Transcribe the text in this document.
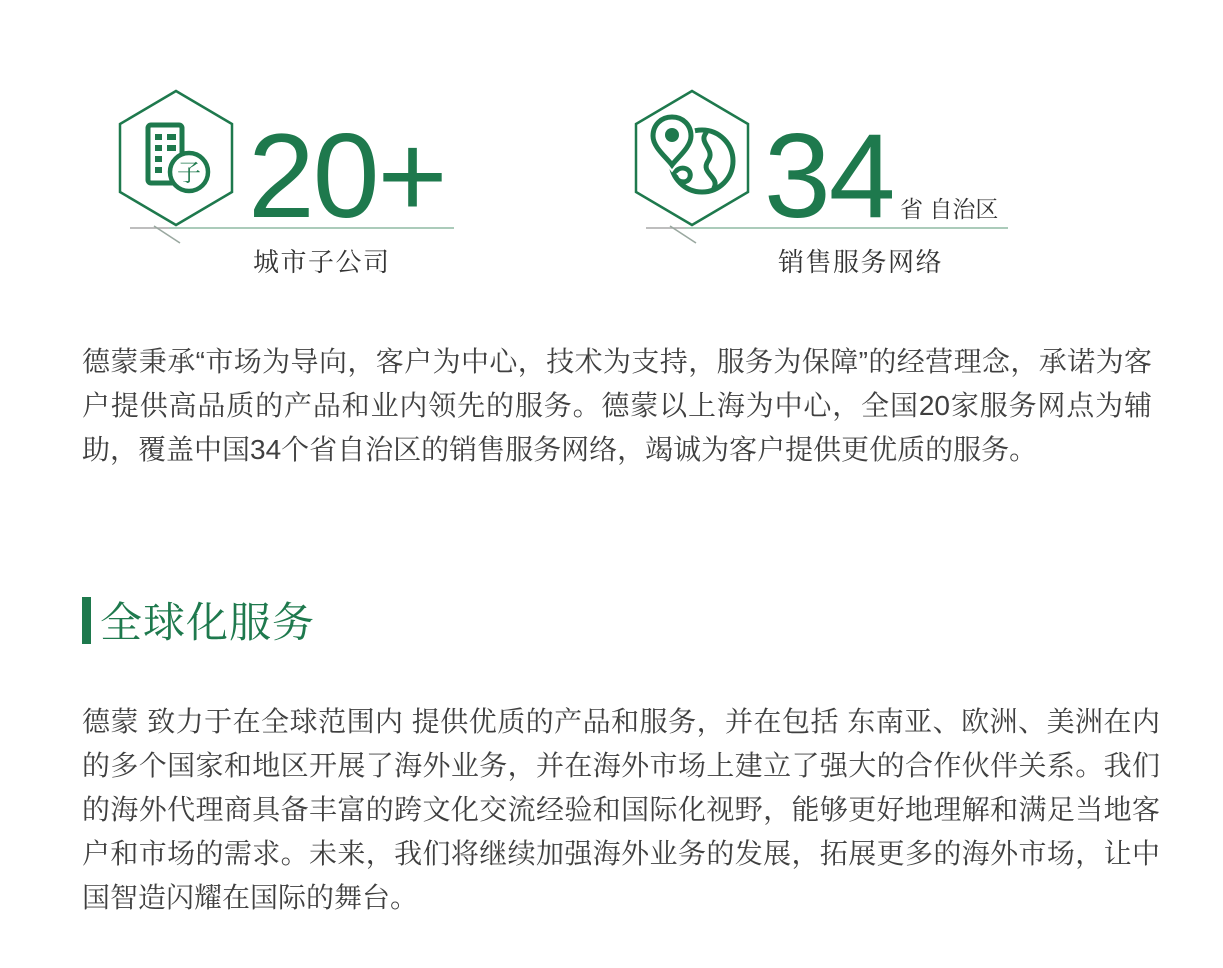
子 20+
城市子公司
34 省 自治区
销售服务网络

德蒙秉承“市场为导向，客户为中心，技术为支持，服务为保障”的经营理念，承诺为客户提供高品质的产品和业内领先的服务。德蒙以上海为中心，全国20家服务网点为辅助，覆盖中国34个省自治区的销售服务网络，竭诚为客户提供更优质的服务。

全球化服务

德蒙 致力于在全球范围内 提供优质的产品和服务，并在包括 东南亚、欧洲、美洲在内的多个国家和地区开展了海外业务，并在海外市场上建立了强大的合作伙伴关系。我们的海外代理商具备丰富的跨文化交流经验和国际化视野，能够更好地理解和满足当地客户和市场的需求。未来，我们将继续加强海外业务的发展，拓展更多的海外市场，让中国智造闪耀在国际的舞台。
